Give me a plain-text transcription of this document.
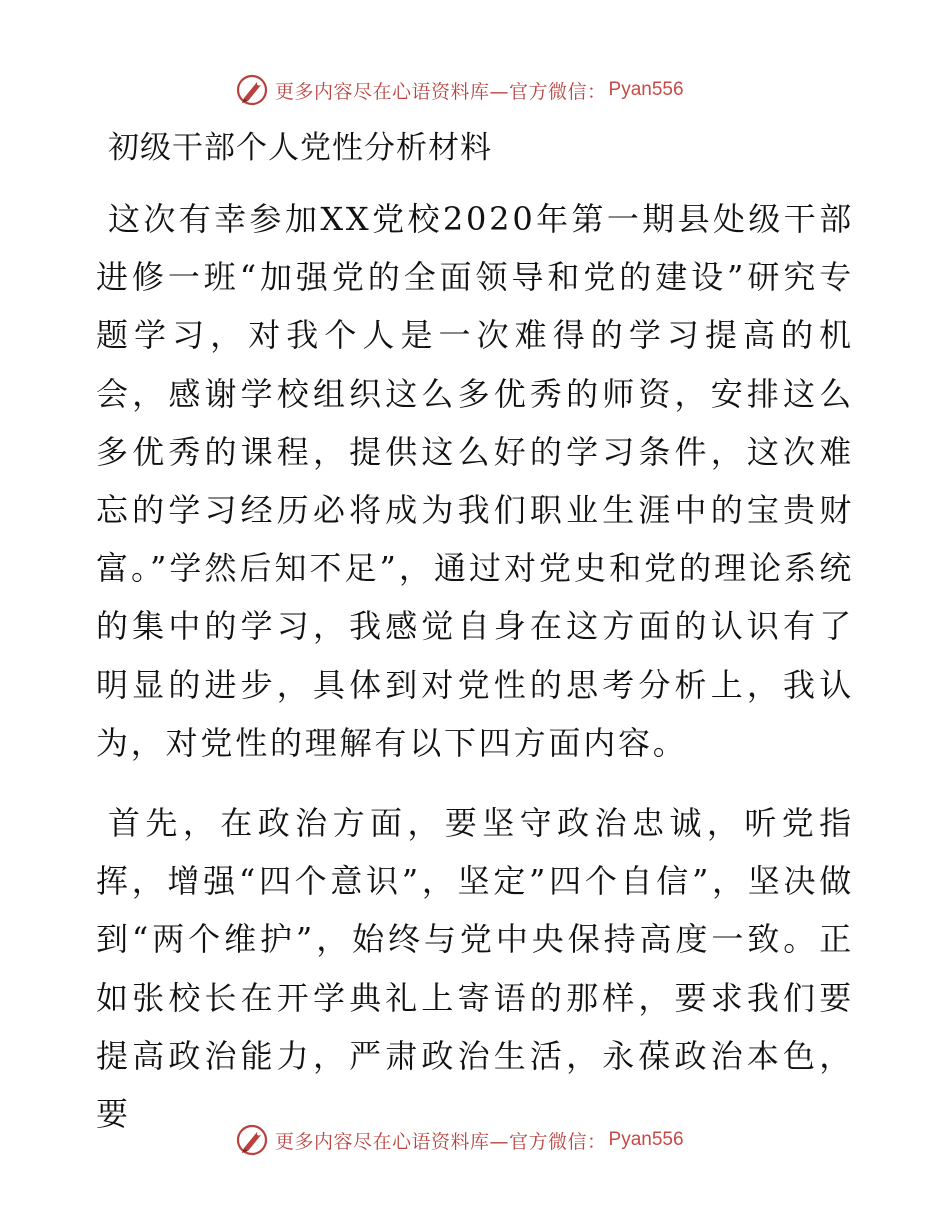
更多内容尽在心语资料库—官方微信： Pyan556
初级干部个人党性分析材料
这次有幸参加XX党校2020年第一期县处级干部进修一班“加强党的全面领导和党的建设”研究专题学习，对我个人是一次难得的学习提高的机会，感谢学校组织这么多优秀的师资，安排这么多优秀的课程，提供这么好的学习条件，这次难忘的学习经历必将成为我们职业生涯中的宝贵财富。”学然后知不足”，通过对党史和党的理论系统的集中的学习，我感觉自身在这方面的认识有了明显的进步，具体到对党性的思考分析上，我认为，对党性的理解有以下四方面内容。
首先，在政治方面，要坚守政治忠诚，听党指挥，增强“四个意识”，坚定”四个自信”，坚决做到“两个维护”，始终与党中央保持高度一致。正如张校长在开学典礼上寄语的那样，要求我们要提高政治能力，严肃政治生活，永葆政治本色，要
更多内容尽在心语资料库—官方微信： Pyan556
